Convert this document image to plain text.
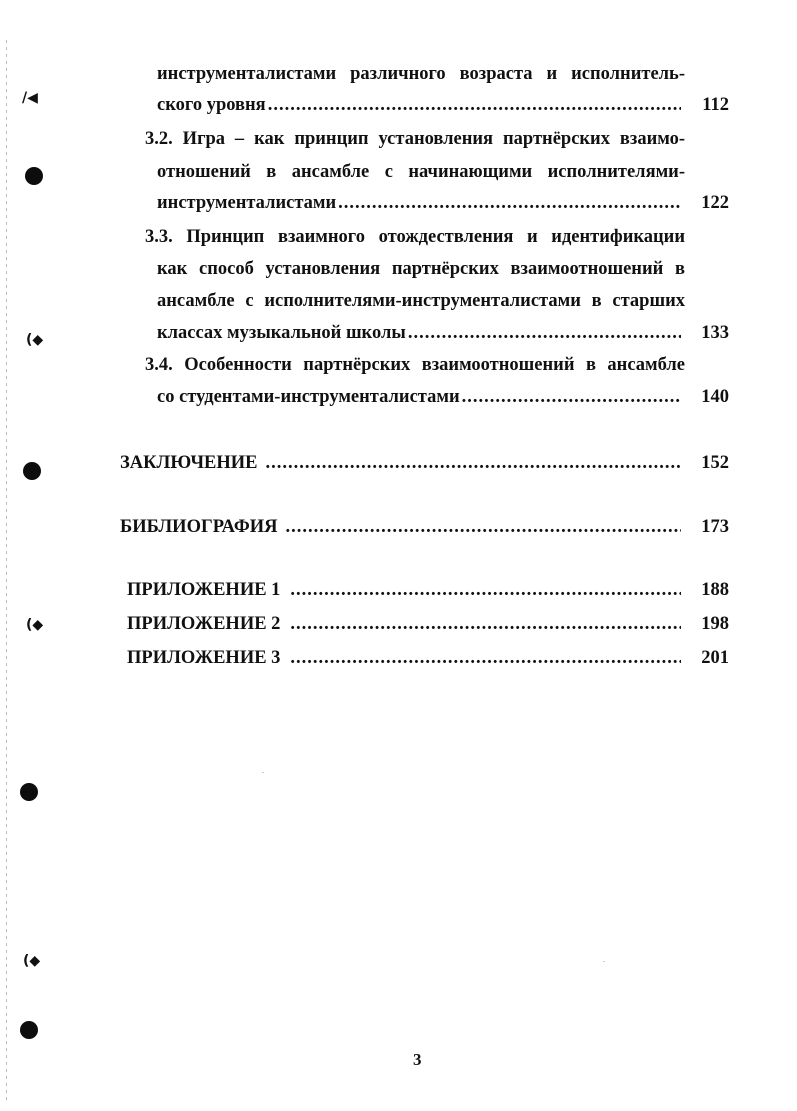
/◀
(◆
(◆
(◆
инструменталистами различного возраста и исполнитель-
ского уровня .....	112
3.2. Игра – как принцип установления партнёрских взаимо-
отношений в ансамбле с начинающими исполнителями-
инструменталистами .....	122
3.3. Принцип взаимного отождествления и идентификации
как способ установления партнёрских взаимоотношений в
ансамбле с исполнителями-инструменталистами в старших
классах музыкальной школы .....	133
3.4. Особенности партнёрских взаимоотношений в ансамбле
со студентами-инструменталистами .....	140
ЗАКЛЮЧЕНИЕ .....	152
БИБЛИОГРАФИЯ .....	173
ПРИЛОЖЕНИЕ 1 .....	188
ПРИЛОЖЕНИЕ 2 .....	198
ПРИЛОЖЕНИЕ 3 .....	201
3
